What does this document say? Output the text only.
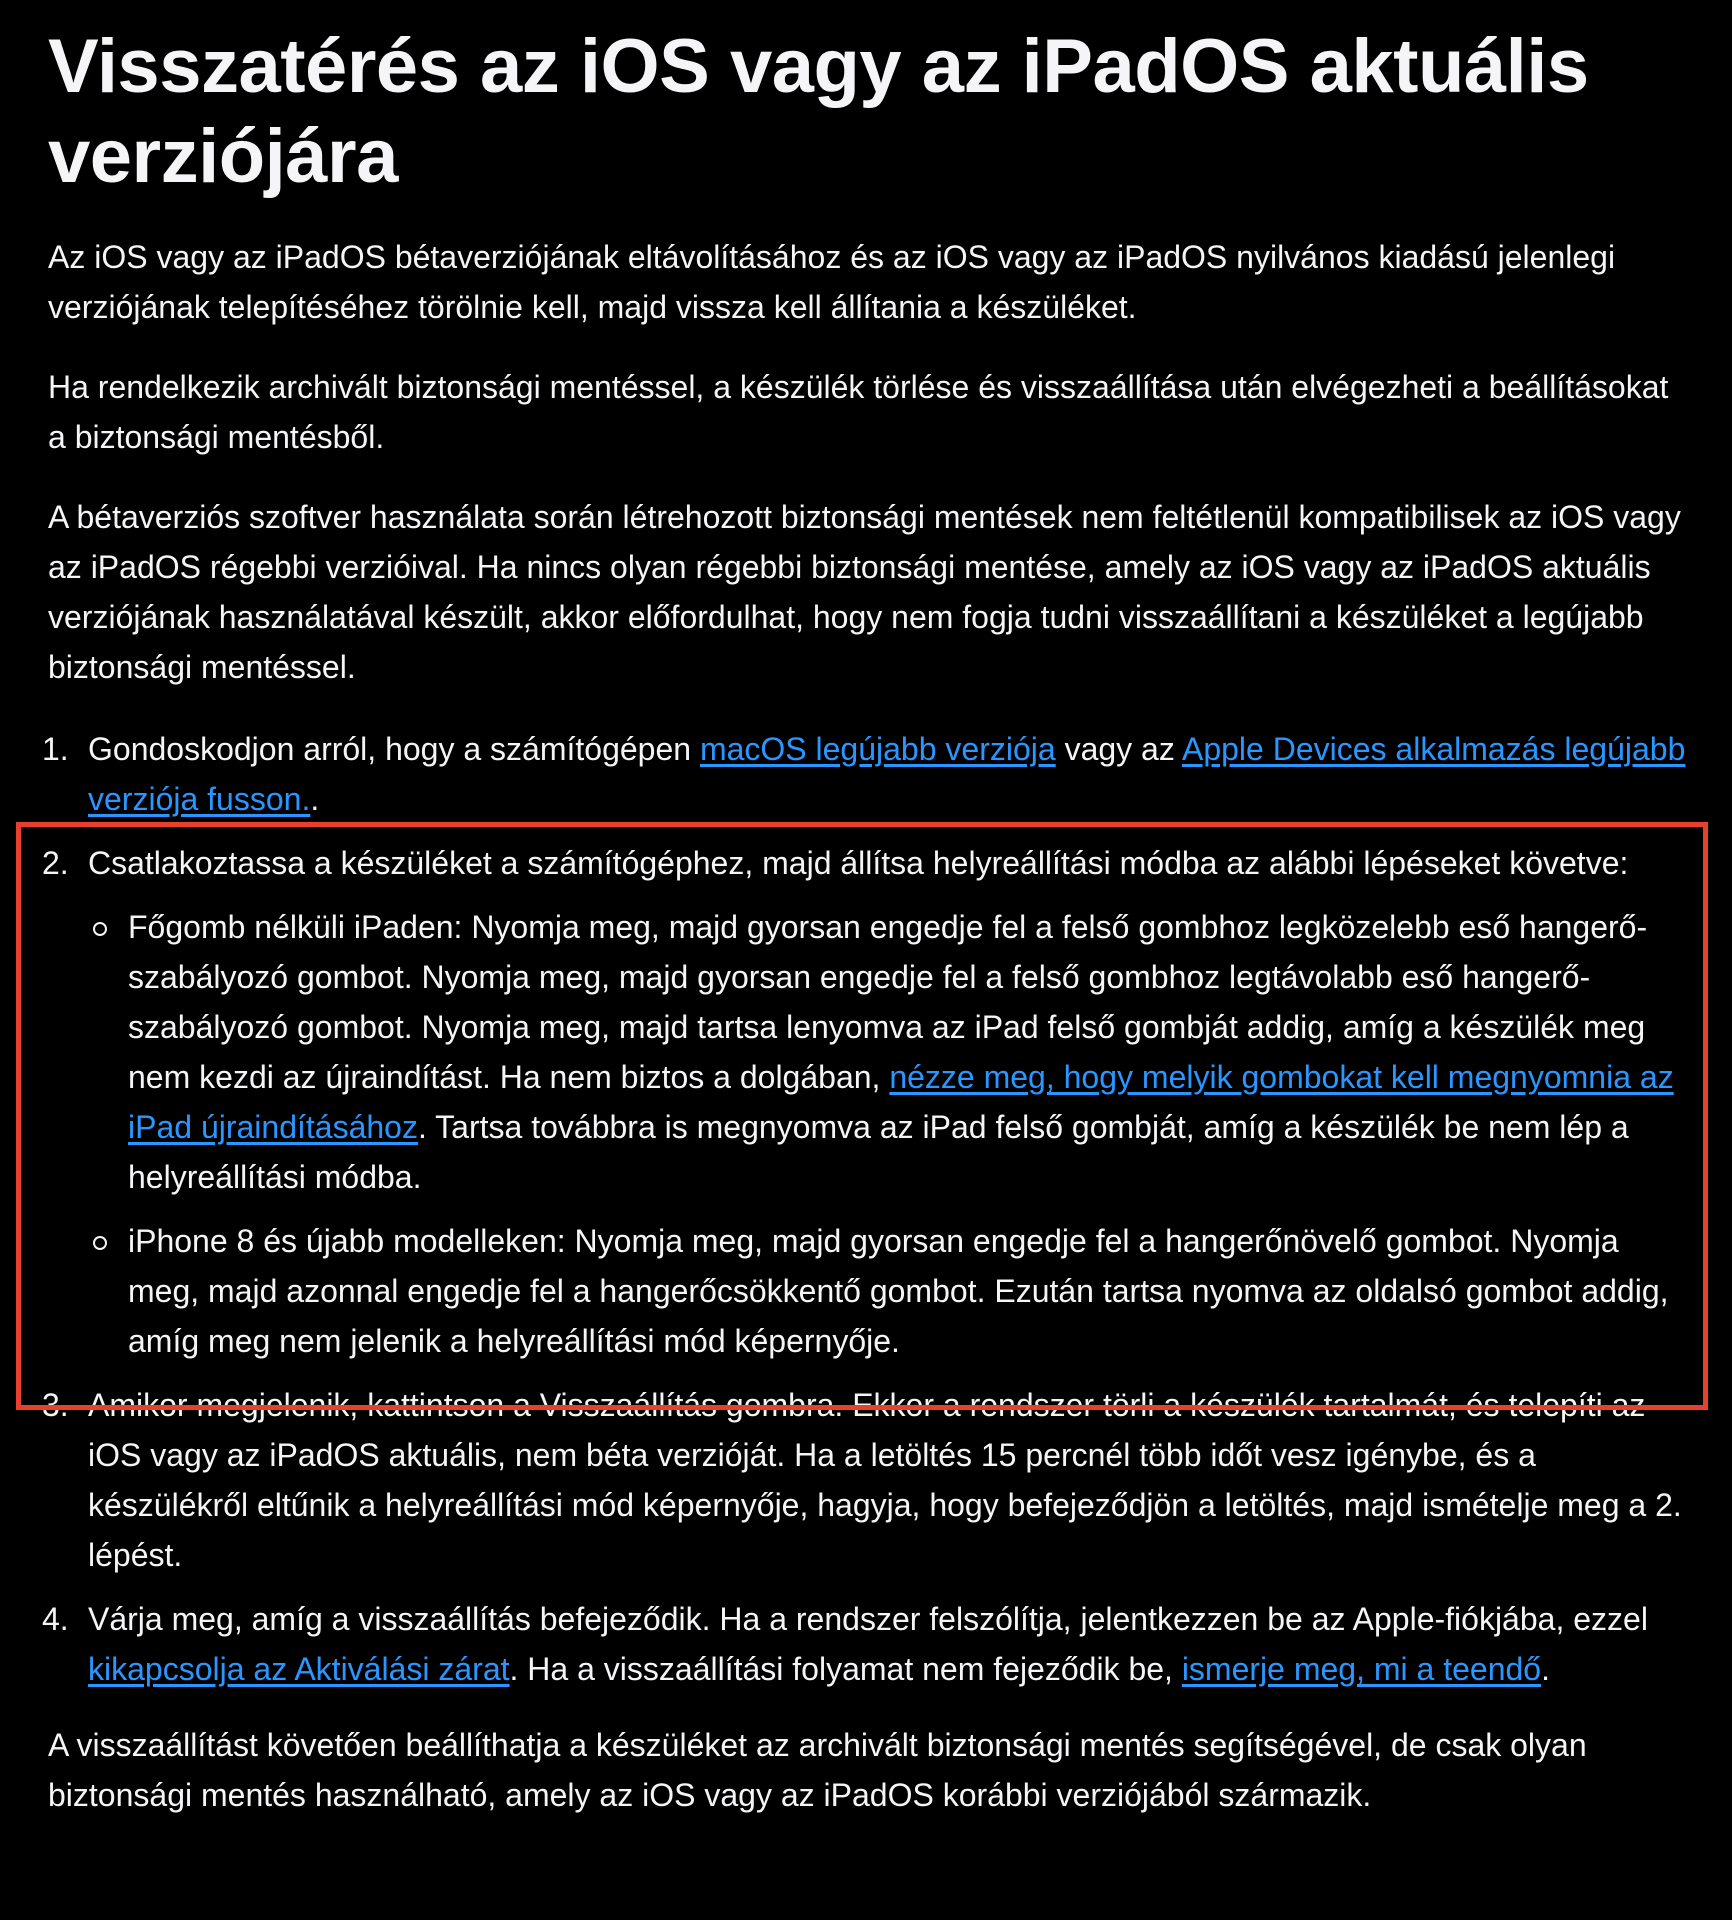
Visszatérés az iOS vagy az iPadOS aktuális verziójára

Az iOS vagy az iPadOS bétaverziójának eltávolításához és az iOS vagy az iPadOS nyilvános kiadású jelenlegi verziójának telepítéséhez törölnie kell, majd vissza kell állítania a készüléket.

Ha rendelkezik archivált biztonsági mentéssel, a készülék törlése és visszaállítása után elvégezheti a beállításokat a biztonsági mentésből.

A bétaverziós szoftver használata során létrehozott biztonsági mentések nem feltétlenül kompatibilisek az iOS vagy az iPadOS régebbi verzióival. Ha nincs olyan régebbi biztonsági mentése, amely az iOS vagy az iPadOS aktuális verziójának használatával készült, akkor előfordulhat, hogy nem fogja tudni visszaállítani a készüléket a legújabb biztonsági mentéssel.

1. Gondoskodjon arról, hogy a számítógépen macOS legújabb verziója vagy az Apple Devices alkalmazás legújabb verziója fusson..
2. Csatlakoztassa a készüléket a számítógéphez, majd állítsa helyreállítási módba az alábbi lépéseket követve:
Főgomb nélküli iPaden: Nyomja meg, majd gyorsan engedje fel a felső gombhoz legközelebb eső hangerő-szabályozó gombot. Nyomja meg, majd gyorsan engedje fel a felső gombhoz legtávolabb eső hangerő-szabályozó gombot. Nyomja meg, majd tartsa lenyomva az iPad felső gombját addig, amíg a készülék meg nem kezdi az újraindítást. Ha nem biztos a dolgában, nézze meg, hogy melyik gombokat kell megnyomnia az iPad újraindításához. Tartsa továbbra is megnyomva az iPad felső gombját, amíg a készülék be nem lép a helyreállítási módba.
iPhone 8 és újabb modelleken: Nyomja meg, majd gyorsan engedje fel a hangerőnövelő gombot. Nyomja meg, majd azonnal engedje fel a hangerőcsökkentő gombot. Ezután tartsa nyomva az oldalsó gombot addig, amíg meg nem jelenik a helyreállítási mód képernyője.
3. Amikor megjelenik, kattintson a Visszaállítás gombra. Ekkor a rendszer törli a készülék tartalmát, és telepíti az iOS vagy az iPadOS aktuális, nem béta verzióját. Ha a letöltés 15 percnél több időt vesz igénybe, és a készülékről eltűnik a helyreállítási mód képernyője, hagyja, hogy befejeződjön a letöltés, majd ismételje meg a 2. lépést.
4. Várja meg, amíg a visszaállítás befejeződik. Ha a rendszer felszólítja, jelentkezzen be az Apple-fiókjába, ezzel kikapcsolja az Aktiválási zárat. Ha a visszaállítási folyamat nem fejeződik be, ismerje meg, mi a teendő.

A visszaállítást követően beállíthatja a készüléket az archivált biztonsági mentés segítségével, de csak olyan biztonsági mentés használható, amely az iOS vagy az iPadOS korábbi verziójából származik.
